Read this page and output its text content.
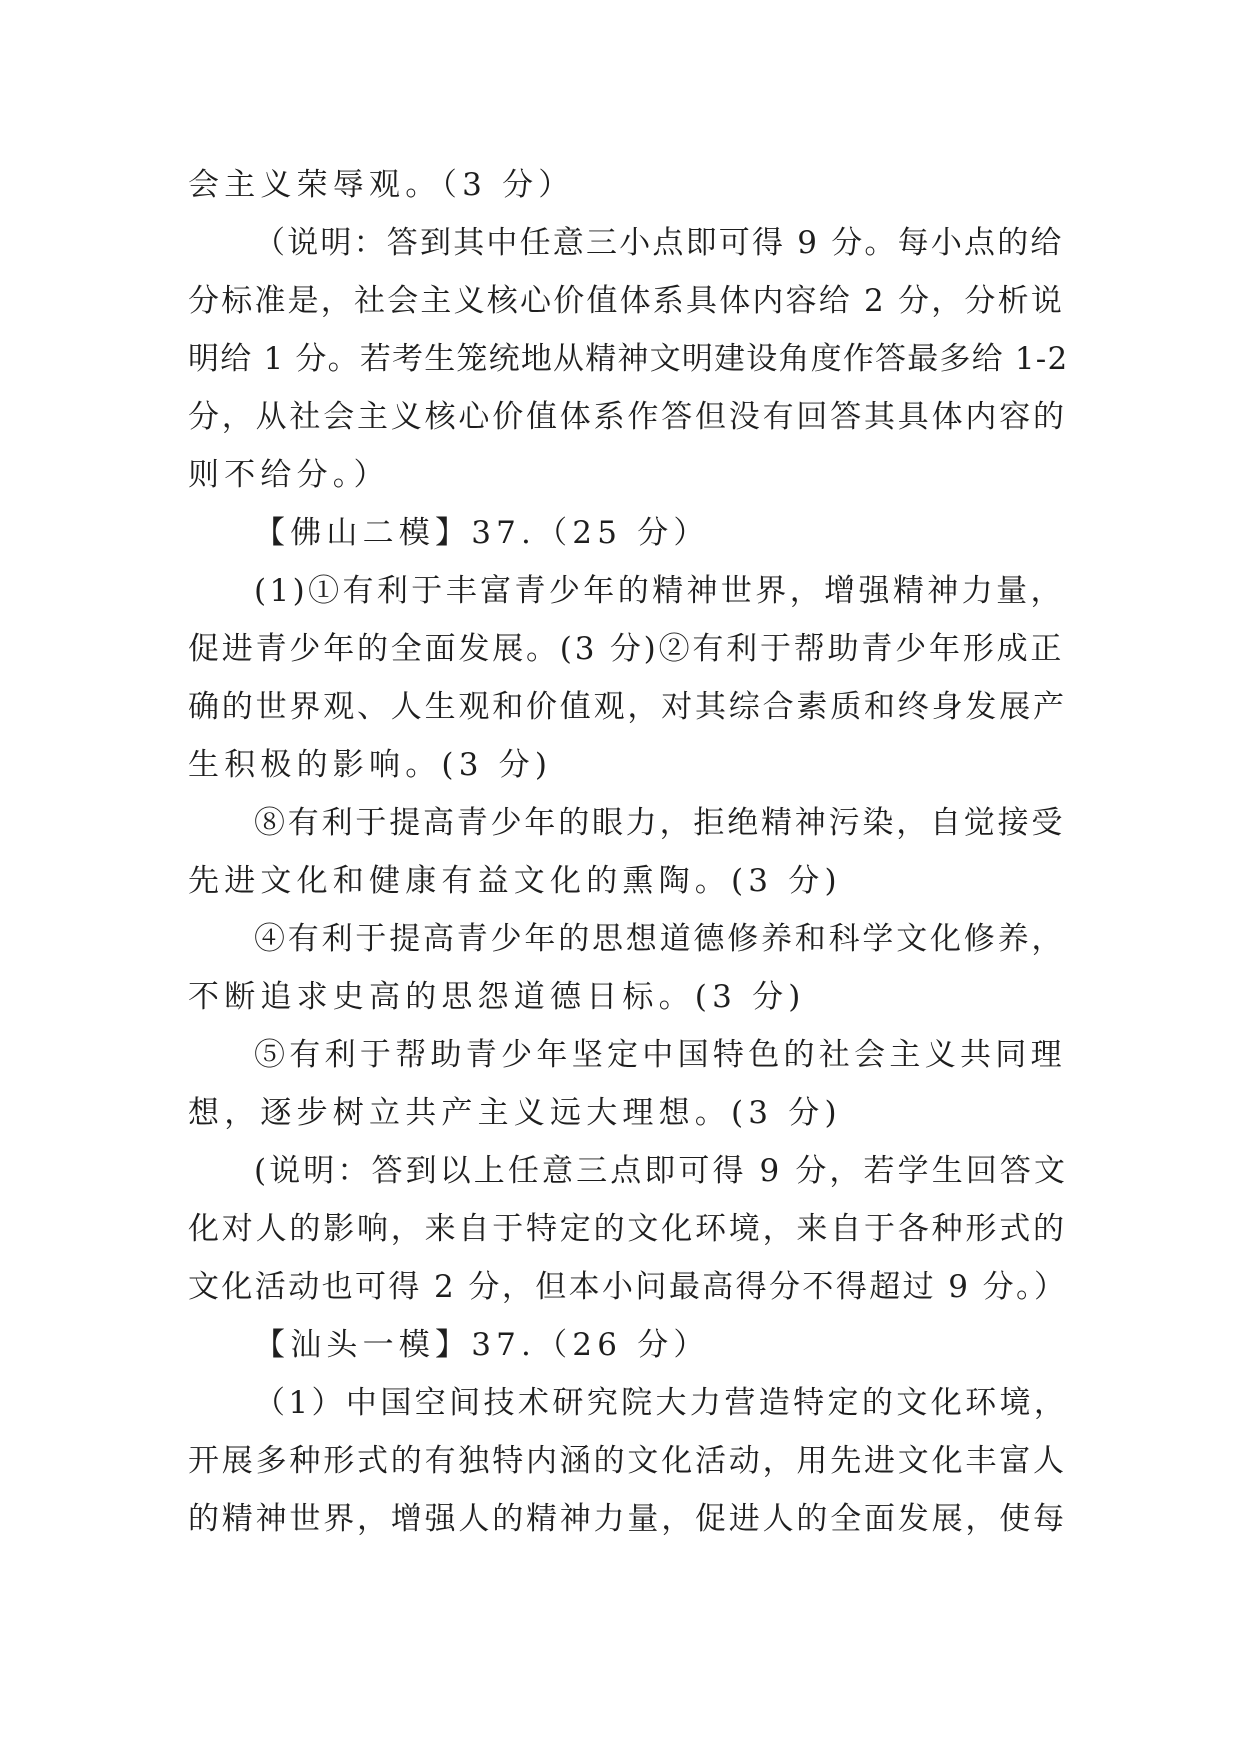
会主义荣辱观。（3 分）
（说明：答到其中任意三小点即可得 9 分。每小点的给
分标准是，社会主义核心价值体系具体内容给 2 分，分析说
明给 1 分。若考生笼统地从精神文明建设角度作答最多给 1-2
分，从社会主义核心价值体系作答但没有回答其具体内容的
则不给分。）
【佛山二模】37.（25 分）
(1)①有利于丰富青少年的精神世界，增强精神力量，
促进青少年的全面发展。(3 分)②有利于帮助青少年形成正
确的世界观、人生观和价值观，对其综合素质和终身发展产
生积极的影响。(3 分)
⑧有利于提高青少年的眼力，拒绝精神污染，自觉接受
先进文化和健康有益文化的熏陶。(3 分)
④有利于提高青少年的思想道德修养和科学文化修养，
不断追求史高的思怨道德日标。(3 分)
⑤有利于帮助青少年坚定中国特色的社会主义共同理
想，逐步树立共产主义远大理想。(3 分)
(说明：答到以上任意三点即可得 9 分，若学生回答文
化对人的影响，来自于特定的文化环境，来自于各种形式的
文化活动也可得 2 分，但本小问最高得分不得超过 9 分。）
【汕头一模】37.（26 分）
（1）中国空间技术研究院大力营造特定的文化环境，
开展多种形式的有独特内涵的文化活动，用先进文化丰富人
的精神世界，增强人的精神力量，促进人的全面发展，使每
